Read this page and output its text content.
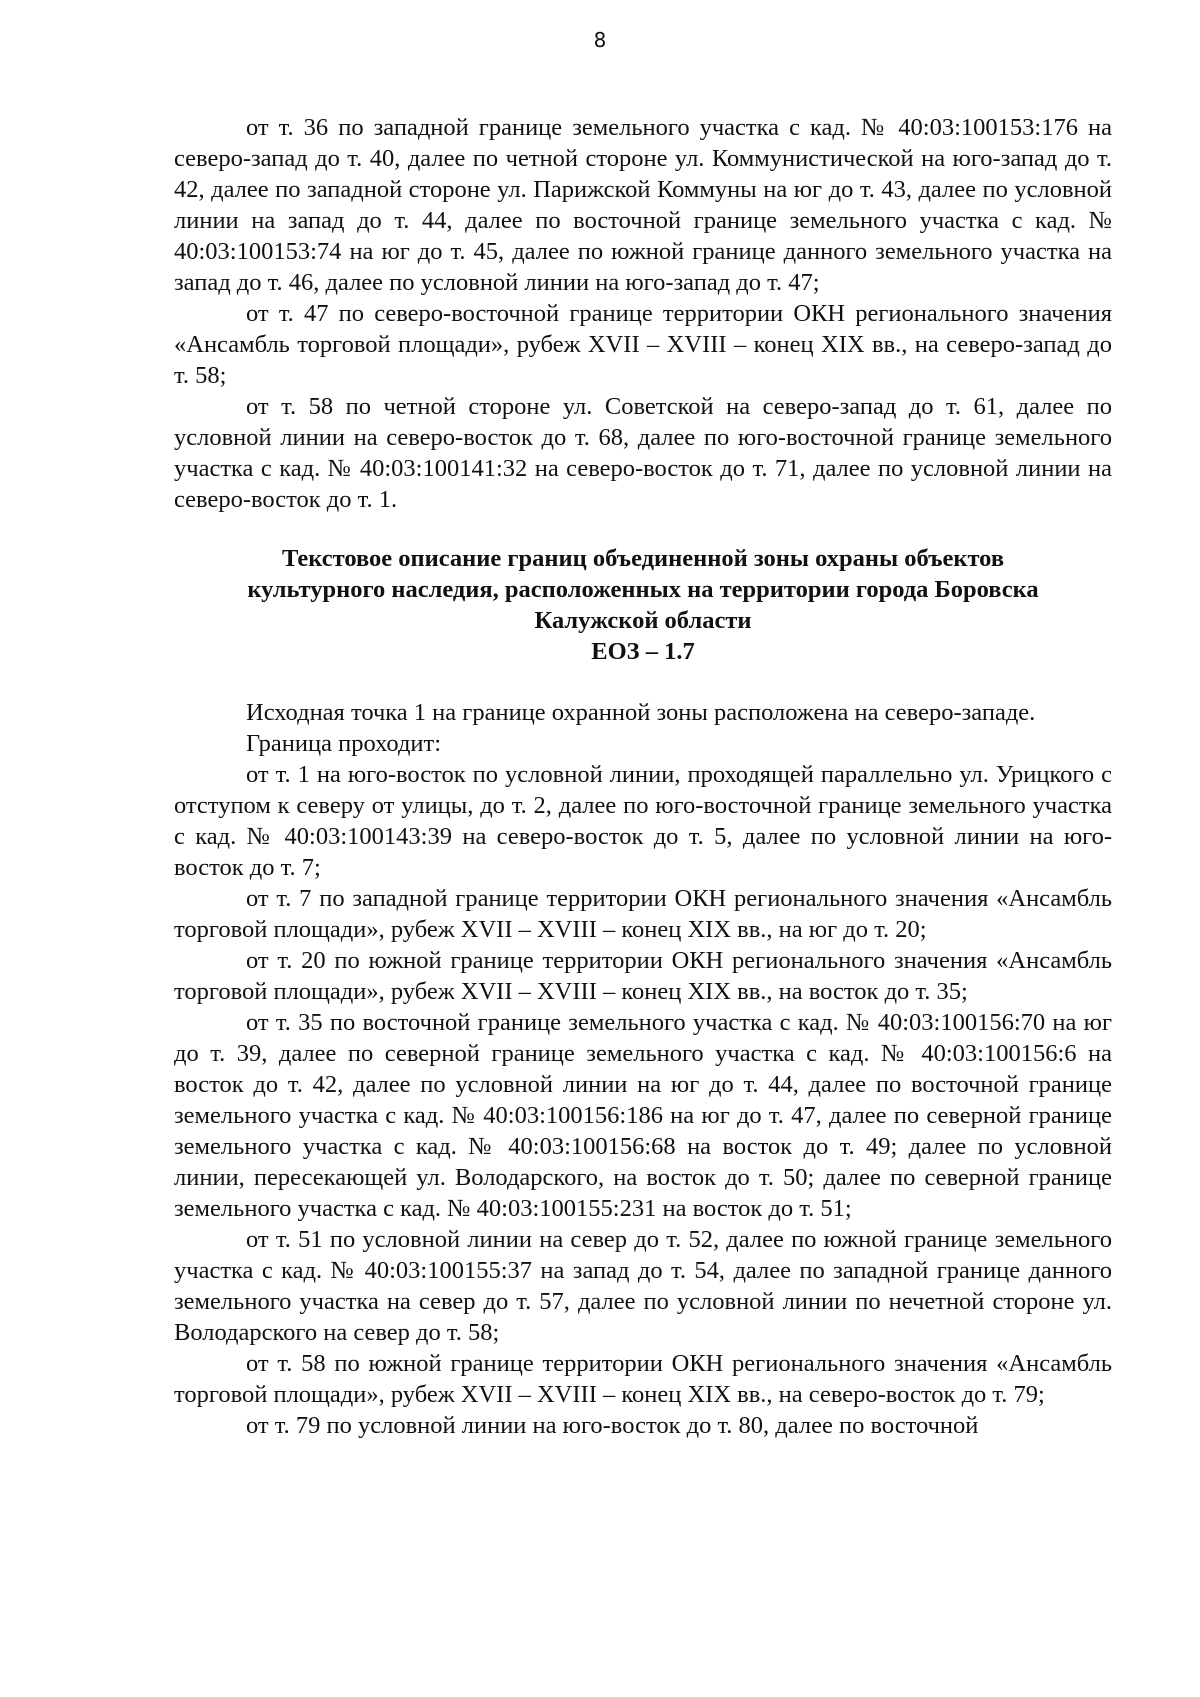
8

от т. 36 по западной границе земельного участка с кад. № 40:03:100153:176 на северо-запад до т. 40, далее по четной стороне ул. Коммунистической на юго-запад до т. 42, далее по западной стороне ул. Парижской Коммуны на юг до т. 43, далее по условной линии на запад до т. 44, далее по восточной границе земельного участка с кад. № 40:03:100153:74 на юг до т. 45, далее по южной границе данного земельного участка на запад до т. 46, далее по условной линии на юго-запад до т. 47;

от т. 47 по северо-восточной границе территории ОКН регионального значения «Ансамбль торговой площади», рубеж XVII – XVIII – конец XIX вв., на северо-запад до т. 58;

от т. 58 по четной стороне ул. Советской на северо-запад до т. 61, далее по условной линии на северо-восток до т. 68, далее по юго-восточной границе земельного участка с кад. № 40:03:100141:32 на северо-восток до т. 71, далее по условной линии на северо-восток до т. 1.

Текстовое описание границ объединенной зоны охраны объектов
культурного наследия, расположенных на территории города Боровска
Калужской области
ЕОЗ – 1.7

Исходная точка 1 на границе охранной зоны расположена на северо-западе.

Граница проходит:

от т. 1 на юго-восток по условной линии, проходящей параллельно ул. Урицкого с отступом к северу от улицы, до т. 2, далее по юго-восточной границе земельного участка с кад. № 40:03:100143:39 на северо-восток до т. 5, далее по условной линии на юго-восток до т. 7;

от т. 7 по западной границе территории ОКН регионального значения «Ансамбль торговой площади», рубеж XVII – XVIII – конец XIX вв., на юг до т. 20;

от т. 20 по южной границе территории ОКН регионального значения «Ансамбль торговой площади», рубеж XVII – XVIII – конец XIX вв., на восток до т. 35;

от т. 35 по восточной границе земельного участка с кад. № 40:03:100156:70 на юг до т. 39, далее по северной границе земельного участка с кад. № 40:03:100156:6 на восток до т. 42, далее по условной линии на юг до т. 44, далее по восточной границе земельного участка с кад. № 40:03:100156:186 на юг до т. 47, далее по северной границе земельного участка с кад. № 40:03:100156:68 на восток до т. 49; далее по условной линии, пересекающей ул. Володарского, на восток до т. 50; далее по северной границе земельного участка с кад. № 40:03:100155:231 на восток до т. 51;

от т. 51 по условной линии на север до т. 52, далее по южной границе земельного участка с кад. № 40:03:100155:37 на запад до т. 54, далее по западной границе данного земельного участка на север до т. 57, далее по условной линии по нечетной стороне ул. Володарского на север до т. 58;

от т. 58 по южной границе территории ОКН регионального значения «Ансамбль торговой площади», рубеж XVII – XVIII – конец XIX вв., на северо-восток до т. 79;

от т. 79 по условной линии на юго-восток до т. 80, далее по восточной
